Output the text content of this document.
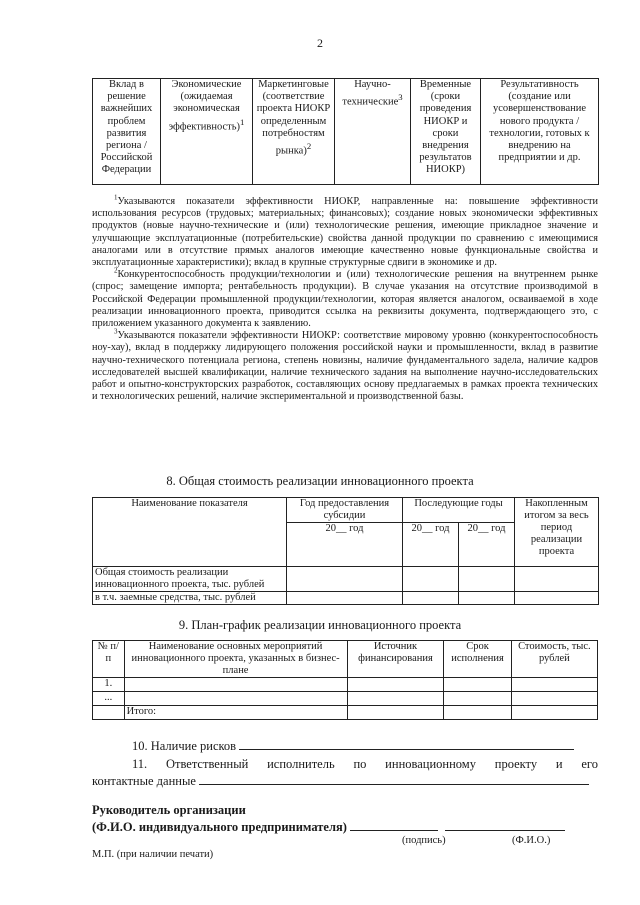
2
Вклад в решение важнейших проблем развития региона / Российской Федерации	Экономические (ожидаемая экономическая эффективность)$^1$	Маркетинговые (соответствие проекта НИОКР определенным потребностям рынка)$^2$	Научно-технические$^3$	Временные (сроки проведения НИОКР и сроки внедрения результатов НИОКР)	Результативность (создание или усовершенствование нового продукта / технологии, готовых к внедрению на предприятии и др.

$^1$Указываются показатели эффективности НИОКР, направленные на: повышение эффективности использования ресурсов (трудовых; материальных; финансовых); создание новых экономически эффективных продуктов (новые научно-технические и (или) технологические решения, имеющие прикладное значение и улучшающие эксплуатационные (потребительские) свойства данной продукции по сравнению с имеющимися аналогами или в отсутствие прямых аналогов имеющие качественно новые функциональные свойства и эксплуатационные характеристики); вклад в крупные структурные сдвиги в экономике и др.

$^2$Конкурентоспособность продукции/технологии и (или) технологические решения на внутреннем рынке (спрос; замещение импорта; рентабельность продукции). В случае указания на отсутствие производимой в Российской Федерации промышленной продукции/технологии, которая является аналогом, осваиваемой в ходе реализации инновационного проекта, приводится ссылка на реквизиты документа, подтверждающего это, с приложением указанного документа к заявлению.

$^3$Указываются показатели эффективности НИОКР: соответствие мировому уровню (конкурентоспособность ноу-хау), вклад в поддержку лидирующего положения российской науки и промышленности, вклад в развитие научно-технического потенциала региона, степень новизны, наличие фундаментального задела, наличие кадров исследователей высшей квалификации, наличие технического задания на выполнение научно-исследовательских работ и опытно-конструкторских разработок, составляющих основу предлагаемых в рамках проекта технических и технологических решений, наличие экспериментальной и производственной базы.

8. Общая стоимость реализации инновационного проекта
Наименование показателя	Год предоставления субсидии	Последующие годы		Накопленным итогом за весь период реализации проекта
	20__ год	20__ год	20__ год	
Общая стоимость реализации инновационного проекта, тыс. рублей				
в т.ч. заемные средства, тыс. рублей				
9. План-график реализации инновационного проекта
№ п/п	Наименование основных мероприятий инновационного проекта, указанных в бизнес-плане	Источник финансирования	Срок исполнения	Стоимость, тыс. рублей
1.				
...				
	Итого:			
10. Наличие рисков
11. Ответственный исполнитель по инновационному проекту и его
контактные данные
Руководитель организации
(Ф.И.О. индивидуального предпринимателя)
(подпись)	(Ф.И.О.)
М.П. (при наличии печати)
